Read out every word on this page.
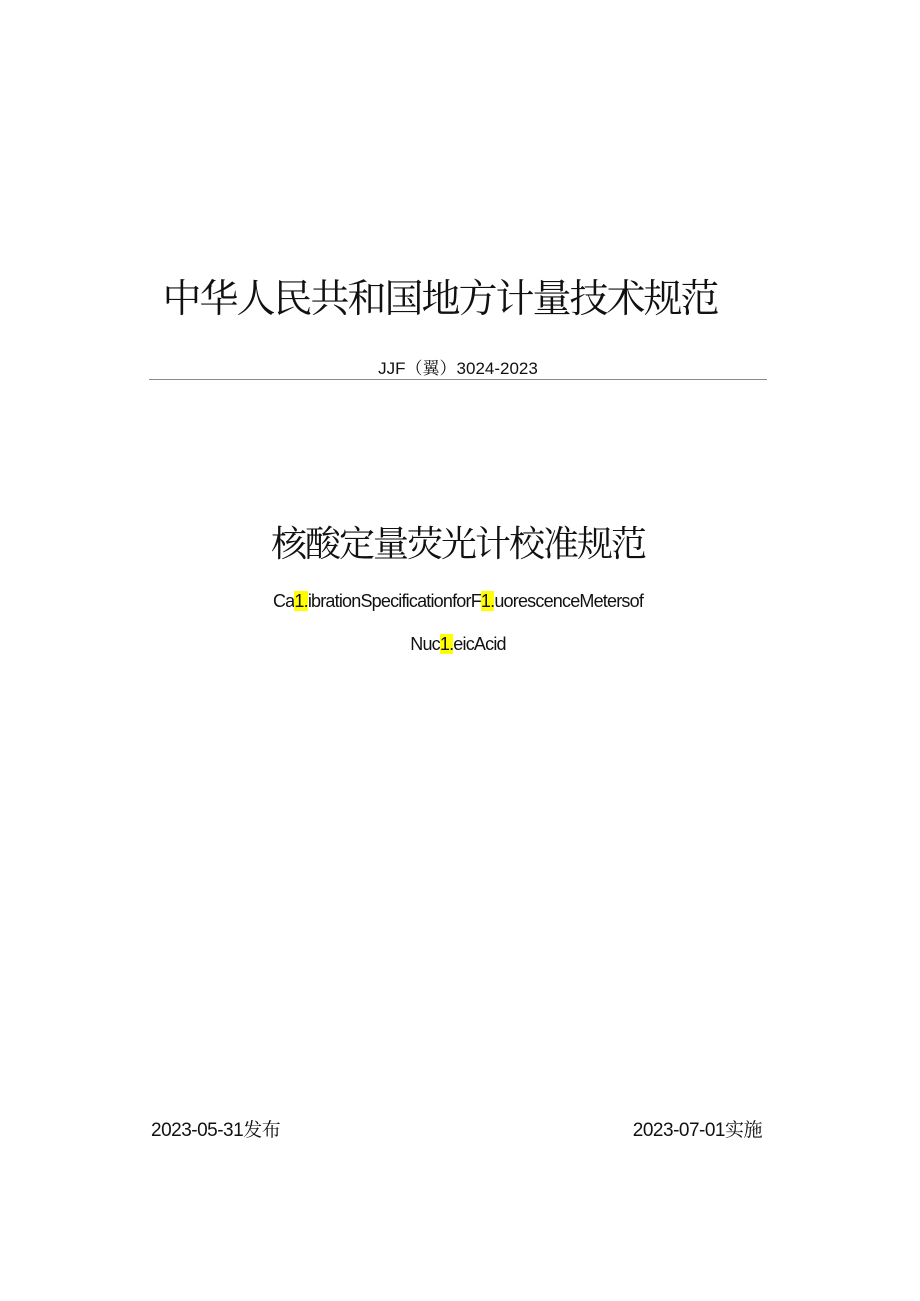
中华人民共和国地方计量技术规范
JJF（翼）3024-2023
核酸定量荧光计校准规范
Ca1.ibrationSpecificationforF1.uorescenceMetersof
Nuc1.eicAcid
2023-05-31发布	2023-07-01实施
